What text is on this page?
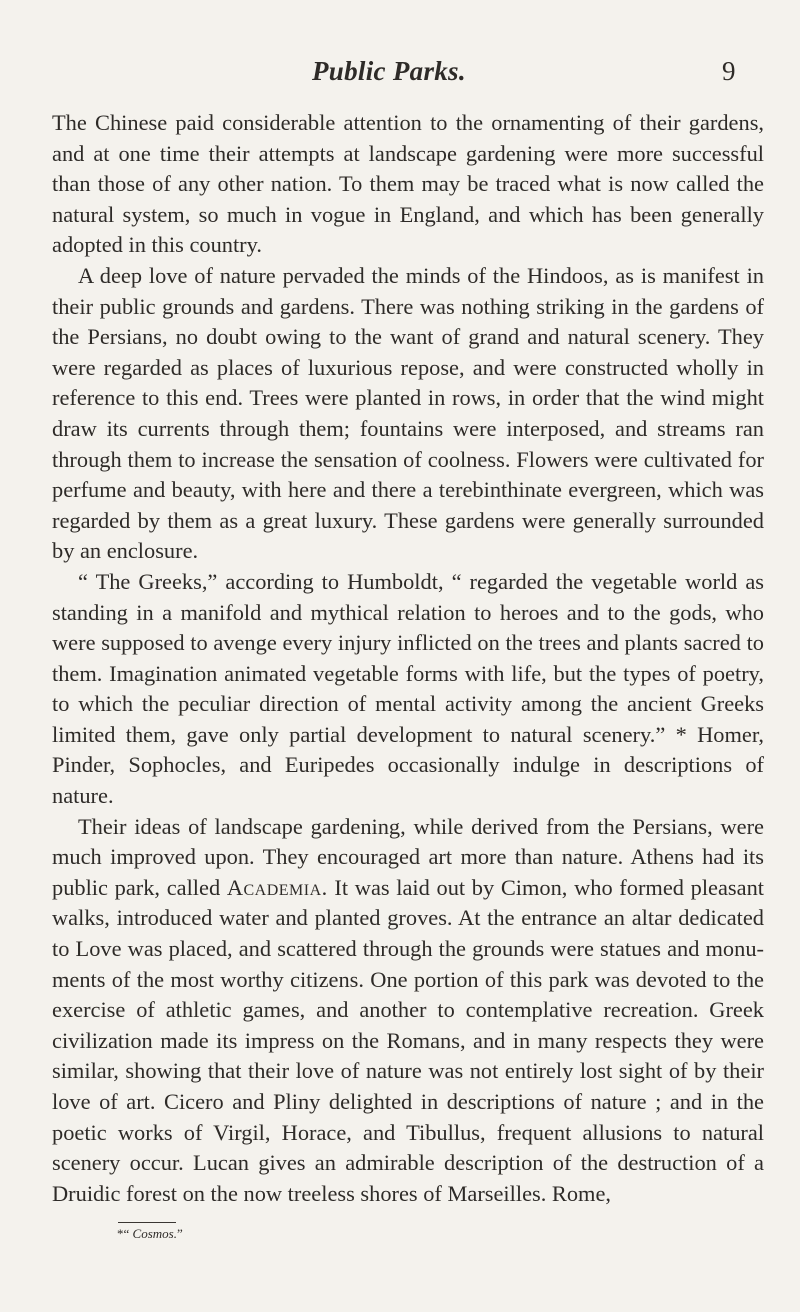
Public Parks.	9

The Chinese paid considerable attention to the ornamenting of their gardens, and at one time their attempts at landscape gardening were more successful than those of any other nation. To them may be traced what is now called the natural system, so much in vogue in England, and which has been generally adopted in this country.

A deep love of nature pervaded the minds of the Hindoos, as is manifest in their public grounds and gardens. There was nothing striking in the gardens of the Persians, no doubt owing to the want of grand and natural scenery. They were regarded as places of luxurious repose, and were constructed wholly in reference to this end. Trees were planted in rows, in order that the wind might draw its currents through them; fountains were interposed, and streams ran through them to increase the sensation of coolness. Flowers were cultivated for perfume and beauty, with here and there a terebinthinate evergreen, which was regarded by them as a great luxury. These gardens were generally surrounded by an enclosure.

“ The Greeks,” according to Humboldt, “ regarded the vegetable world as standing in a manifold and mythical relation to heroes and to the gods, who were supposed to avenge every injury inflicted on the trees and plants sacred to them. Imagination animated vegetable forms with life, but the types of poetry, to which the peculiar direction of mental activity among the ancient Greeks limited them, gave only partial development to natural scenery.” * Homer, Pinder, Sophocles, and Euripedes occasionally indulge in descriptions of nature.

Their ideas of landscape gardening, while derived from the Persians, were much improved upon. They encouraged art more than nature. Athens had its public park, called Academia. It was laid out by Cimon, who formed pleasant walks, introduced water and planted groves. At the entrance an altar dedicated to Love was placed, and scattered through the grounds were statues and monuments of the most worthy citizens. One portion of this park was devoted to the exercise of athletic games, and another to contemplative recreation. Greek civilization made its impress on the Romans, and in many respects they were similar, showing that their love of nature was not entirely lost sight of by their love of art. Cicero and Pliny delighted in descriptions of nature ; and in the poetic works of Virgil, Horace, and Tibullus, frequent allusions to natural scenery occur. Lucan gives an admirable description of the destruction of a Druidic forest on the now treeless shores of Marseilles. Rome,

*“ Cosmos.”
